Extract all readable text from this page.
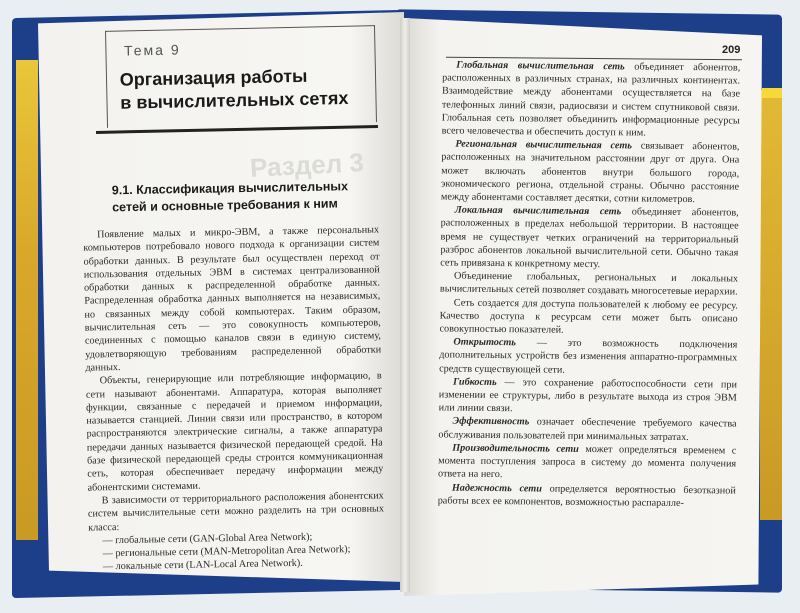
Раздел 3
Тема 9
Организация работы
в вычислительных сетях
9.1. Классификация вычислительных сетей и основные требования к ним

Появление малых и микро-ЭВМ, а также персональных компьютеров потребовало нового подхода к организации систем обработки данных. В результате был осуществлен переход от использования отдельных ЭВМ в системах централизованной обработки данных к распределенной обработке данных. Распределенная обработка данных выполняется на независимых, но связанных между собой компьютерах. Таким образом, вычислительная сеть — это совокупность компьютеров, соединенных с помощью каналов связи в единую систему, удовлетворяющую требованиям распределенной обработки данных.

Объекты, генерирующие или потребляющие информацию, в сети называют абонентами. Аппаратура, которая выполняет функции, связанные с передачей и приемом информации, называется станцией. Линии связи или пространство, в котором распространяются электрические сигналы, а также аппаратура передачи данных называется физической передающей средой. На базе физической передающей среды строится коммуникационная сеть, которая обеспечивает передачу информации между абонентскими системами.

В зависимости от территориального расположения абонентских систем вычислительные сети можно разделить на три основных класса:

— глобальные сети (GAN-Global Area Network);

— региональные сети (MAN-Metropolitan Area Network);

— локальные сети (LAN-Local Area Network).

209

Глобальная вычислительная сеть объединяет абонентов, расположенных в различных странах, на различных континентах. Взаимодействие между абонентами осуществляется на базе телефонных линий связи, радиосвязи и систем спутниковой связи. Глобальная сеть позволяет объединить информационные ресурсы всего человечества и обеспечить доступ к ним.

Региональная вычислительная сеть связывает абонентов, расположенных на значительном расстоянии друг от друга. Она может включать абонентов внутри большого города, экономического региона, отдельной страны. Обычно расстояние между абонентами составляет десятки, сотни километров.

Локальная вычислительная сеть объединяет абонентов, расположенных в пределах небольшой территории. В настоящее время не существует четких ограничений на территориальный разброс абонентов локальной вычислительной сети. Обычно такая сеть привязана к конкретному месту.

Объединение глобальных, региональных и локальных вычислительных сетей позволяет создавать многосетевые иерархии.

Сеть создается для доступа пользователей к любому ее ресурсу. Качество доступа к ресурсам сети может быть описано совокупностью показателей.

Открытость — это возможность подключения дополнительных устройств без изменения аппаратно-программных средств существующей сети.

Гибкость — это сохранение работоспособности сети при изменении ее структуры, либо в результате выхода из строя ЭВМ или линии связи.

Эффективность означает обеспечение требуемого качества обслуживания пользователей при минимальных затратах.

Производительность сети может определяться временем с момента поступления запроса в систему до момента получения ответа на него.

Надежность сети определяется вероятностью безотказной работы всех ее компонентов, возможностью распаралле-
